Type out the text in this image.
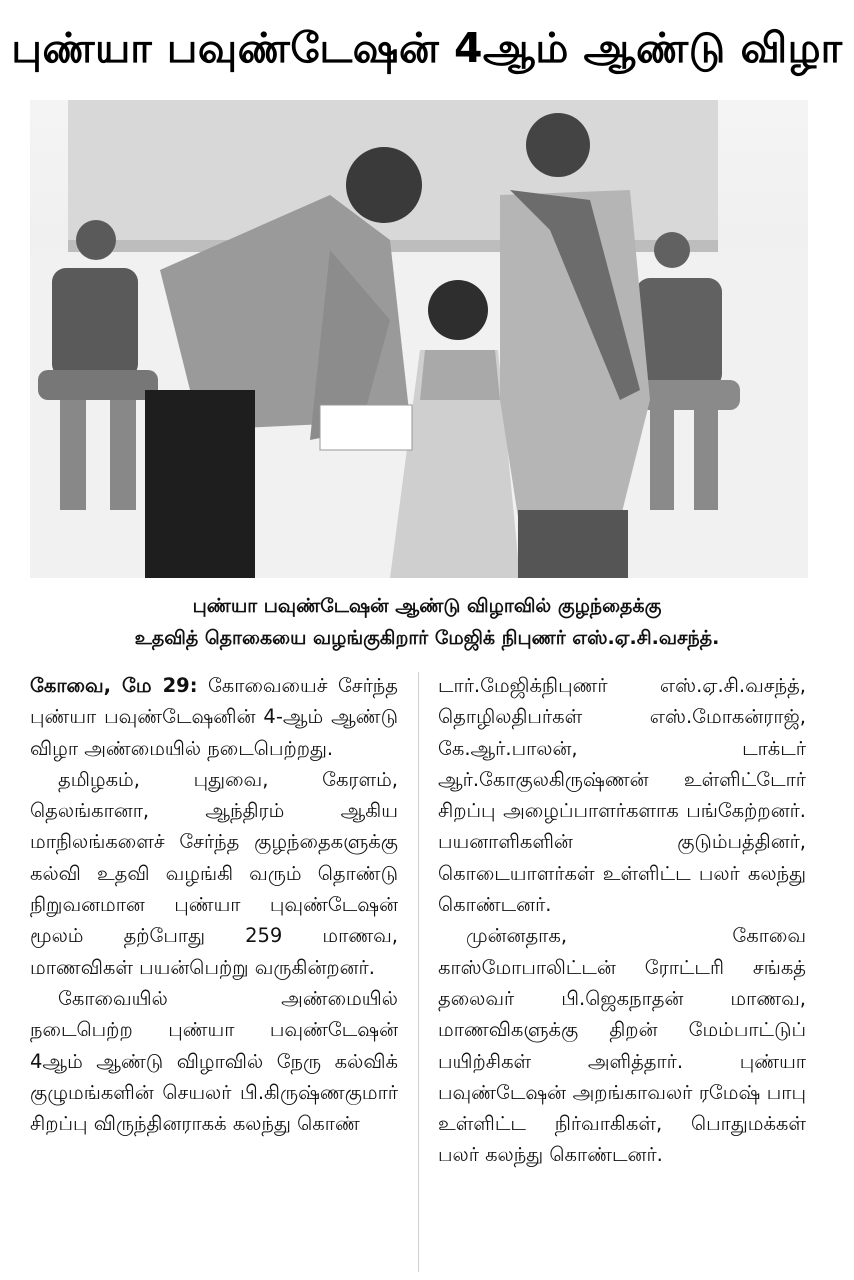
புண்யா பவுண்டேஷன் 4ஆம் ஆண்டு விழா
புண்யா பவுண்டேஷன் ஆண்டு விழாவில் குழந்தைக்கு
உதவித் தொகையை வழங்குகிறார் மேஜிக் நிபுணர் எஸ்.ஏ.சி.வசந்த்.

கோவை, மே 29: கோவையைச் சேர்ந்த புண்யா பவுண்டேஷனின் 4-ஆம் ஆண்டு விழா அண்மையில் நடைபெற்றது.

தமிழகம், புதுவை, கேரளம், தெலங்கானா, ஆந்திரம் ஆகிய மாநிலங்களைச் சேர்ந்த குழந்தைகளுக்கு கல்வி உதவி வழங்கி வரும் தொண்டு நிறுவனமான புண்யா புவுண்டேஷன் மூலம் தற்போது 259 மாணவ, மாணவிகள் பயன்பெற்று வருகின்றனர்.

கோவையில் அண்மையில் நடைபெற்ற புண்யா பவுண்டேஷன் 4ஆம் ஆண்டு விழாவில் நேரு கல்விக் குழுமங்களின் செயலர் பி.கிருஷ்ணகுமார் சிறப்பு விருந்தினராகக் கலந்து கொண்

டார்.மேஜிக்நிபுணர் எஸ்.ஏ.சி.வசந்த், தொழிலதிபர்கள் எஸ்.மோகன்ராஜ், கே.ஆர்.பாலன், டாக்டர் ஆர்.கோகுலகிருஷ்ணன் உள்ளிட்டோர் சிறப்பு அழைப்பாளர்களாக பங்கேற்றனர். பயனாளிகளின் குடும்பத்தினர், கொடையாளர்கள் உள்ளிட்ட பலர் கலந்து கொண்டனர்.

முன்னதாக, கோவை காஸ்மோபாலிட்டன் ரோட்டரி சங்கத் தலைவர் பி.ஜெகநாதன் மாணவ, மாணவிகளுக்கு திறன் மேம்பாட்டுப் பயிற்சிகள் அளித்தார். புண்யா பவுண்டேஷன் அறங்காவலர் ரமேஷ் பாபு உள்ளிட்ட நிர்வாகிகள், பொதுமக்கள் பலர் கலந்து கொண்டனர்.
